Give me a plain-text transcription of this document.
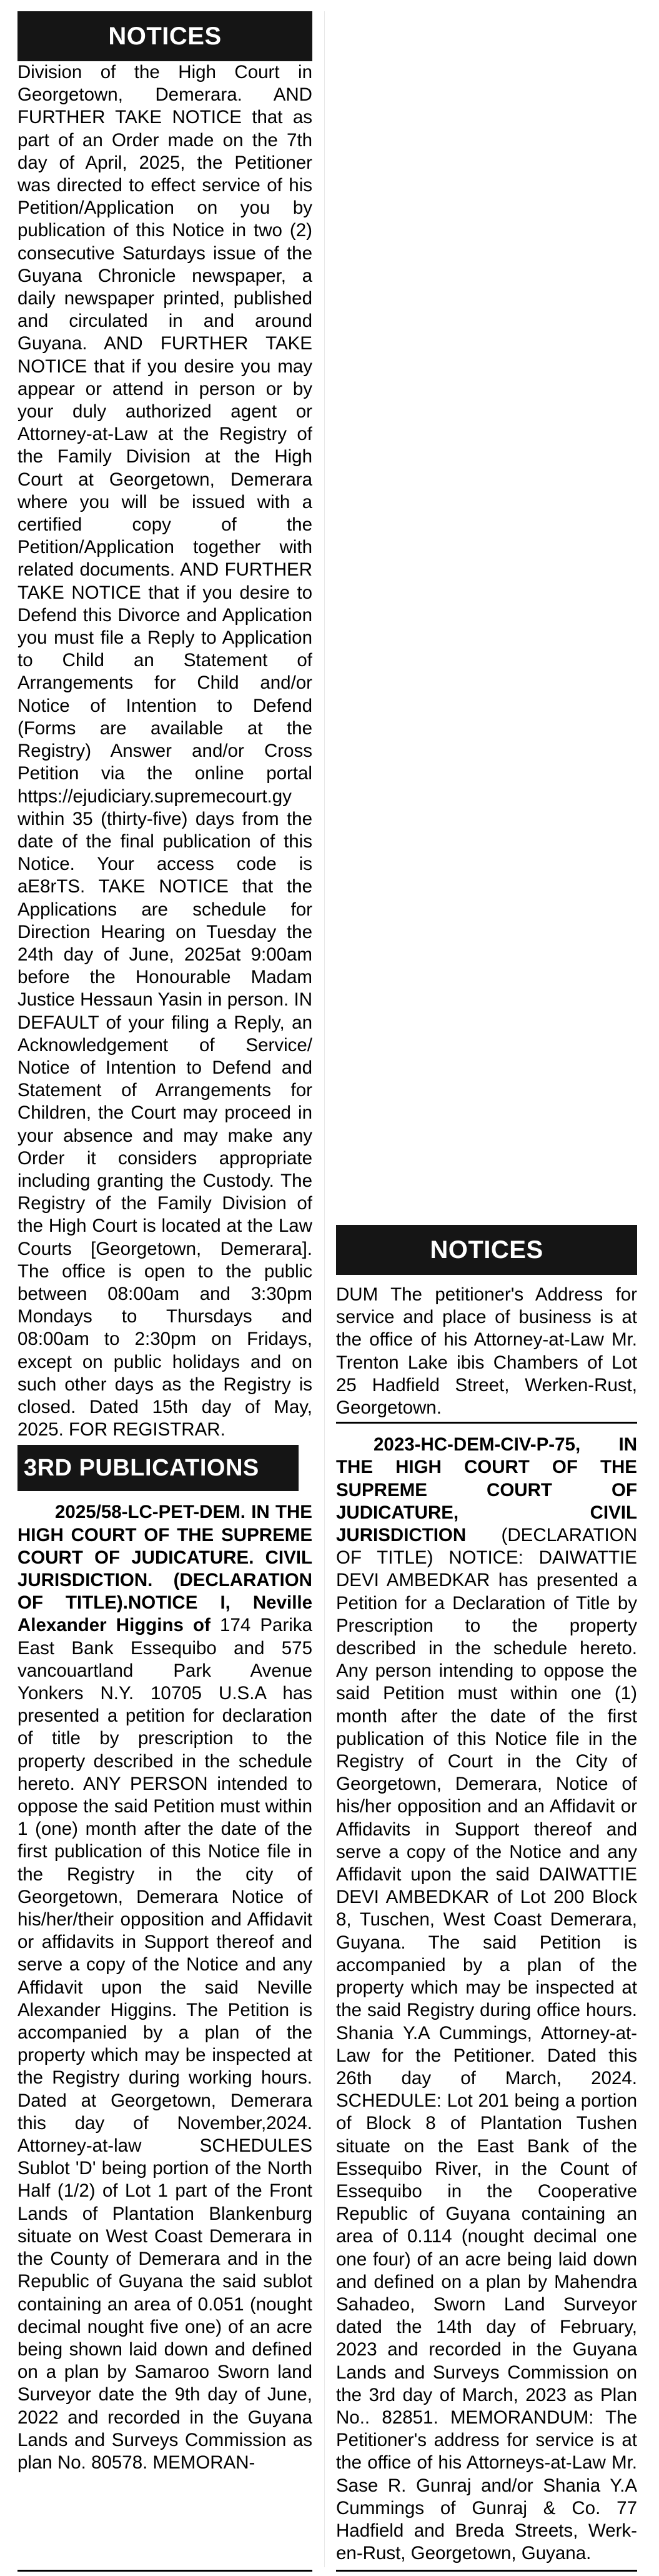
NOTICES

Division of the High Court in Georgetown, Demerara. AND FURTHER TAKE NOTICE that as part of an Order made on the 7th day of April, 2025, the Petitioner was directed to effect service of his Petition/Application on you by publication of this Notice in two (2) consecutive Saturdays issue of the Guyana Chronicle newspaper, a daily newspaper printed, published and circulated in and around Guyana. AND FURTHER TAKE NOTICE that if you desire you may appear or attend in person or by your duly authorized agent or Attorney-at-Law at the Registry of the Family Division at the High Court at Georgetown, Demerara where you will be issued with a certified copy of the Petition/Application together with related documents. AND FURTHER TAKE NOTICE that if you desire to Defend this Divorce and Application you must file a Reply to Application to Child an Statement of Arrangements for Child and/or Notice of Intention to Defend (Forms are available at the Registry) Answer and/or Cross Petition via the online portal https://ejudiciary.supremecourt.gy within 35 (thirty-five) days from the date of the final publication of this Notice. Your access code is aE8rTS. TAKE NOTICE that the Applications are schedule for Direction Hearing on Tuesday the 24th day of June, 2025at 9:00am before the Honourable Madam Justice Hessaun Yasin in person. IN DEFAULT of your filing a Reply, an Acknowledgement of Service/ Notice of Intention to Defend and Statement of Arrangements for Children, the Court may proceed in your absence and may make any Order it considers appropriate including granting the Custody. The Registry of the Family Division of the High Court is located at the Law Courts [Georgetown, Demerara]. The office is open to the public between 08:00am and 3:30pm Mondays to Thursdays and 08:00am to 2:30pm on Fridays, except on public holidays and on such other days as the Registry is closed. Dated 15th day of May, 2025. FOR REGISTRAR.

3RD PUBLICATIONS

2025/58-LC-PET-DEM. IN THE HIGH COURT OF THE SUPREME COURT OF JUDICATURE. CIVIL JURISDICTION. (DECLARATION OF TITLE).NOTICE I, Neville Alexander Higgins of 174 Parika East Bank Essequibo and 575 vancouartland Park Avenue Yonkers N.Y. 10705 U.S.A has presented a petition for declaration of title by prescription to the property described in the schedule hereto. ANY PERSON intended to oppose the said Petition must within 1 (one) month after the date of the first publication of this Notice file in the Registry in the city of Georgetown, Demerara Notice of his/her/their opposition and Affidavit or affidavits in Support thereof and serve a copy of the Notice and any Affidavit upon the said Neville Alexander Higgins. The Petition is accompanied by a plan of the property which may be inspected at the Registry during working hours. Dated at Georgetown, Demerara this day of November,2024. Attorney-at-law SCHEDULES Sublot 'D' being portion of the North Half (1/2) of Lot 1 part of the Front Lands of Plantation Blankenburg situate on West Coast Demerara in the County of Demerara and in the Republic of Guyana the said sublot containing an area of 0.051 (nought decimal nought five one) of an acre being shown laid down and defined on a plan by Samaroo Sworn land Surveyor date the 9th day of June, 2022 and recorded in the Guyana Lands and Surveys Commission as plan No. 80578. MEMORAN-

NOTICES

DUM The petitioner's Address for service and place of business is at the office of his Attorney-at-Law Mr. Trenton Lake ibis Chambers of Lot 25 Hadfield Street, Werken-Rust, Georgetown.

2023-HC-DEM-CIV-P-75, IN THE HIGH COURT OF THE SUPREME COURT OF JUDICATURE, CIVIL JURISDICTION (DECLARATION OF TITLE) NOTICE: DAIWATTIE DEVI AMBEDKAR has presented a Petition for a Declaration of Title by Prescription to the property described in the schedule hereto. Any person intending to oppose the said Petition must within one (1) month after the date of the first publication of this Notice file in the Registry of Court in the City of Georgetown, Demerara, Notice of his/her opposition and an Affidavit or Affidavits in Support thereof and serve a copy of the Notice and any Affidavit upon the said DAIWATTIE DEVI AMBEDKAR of Lot 200 Block 8, Tuschen, West Coast Demerara, Guyana. The said Petition is accompanied by a plan of the property which may be inspected at the said Registry during office hours. Shania Y.A Cummings, Attorney-at-Law for the Petitioner. Dated this 26th day of March, 2024. SCHEDULE: Lot 201 being a portion of Block 8 of Plantation Tushen situate on the East Bank of the Essequibo River, in the Count of Essequibo in the Cooperative Republic of Guyana containing an area of 0.114 (nought decimal one one four) of an acre being laid down and defined on a plan by Mahendra Sahadeo, Sworn Land Surveyor dated the 14th day of February, 2023 and recorded in the Guyana Lands and Surveys Commission on the 3rd day of March, 2023 as Plan No.. 82851. MEMORANDUM: The Petitioner's address for service is at the office of his Attorneys-at-Law Mr. Sase R. Gunraj and/or Shania Y.A Cummings of Gunraj & Co. 77 Hadfield and Breda Streets, Werk-en-Rust, Georgetown, Guyana.
